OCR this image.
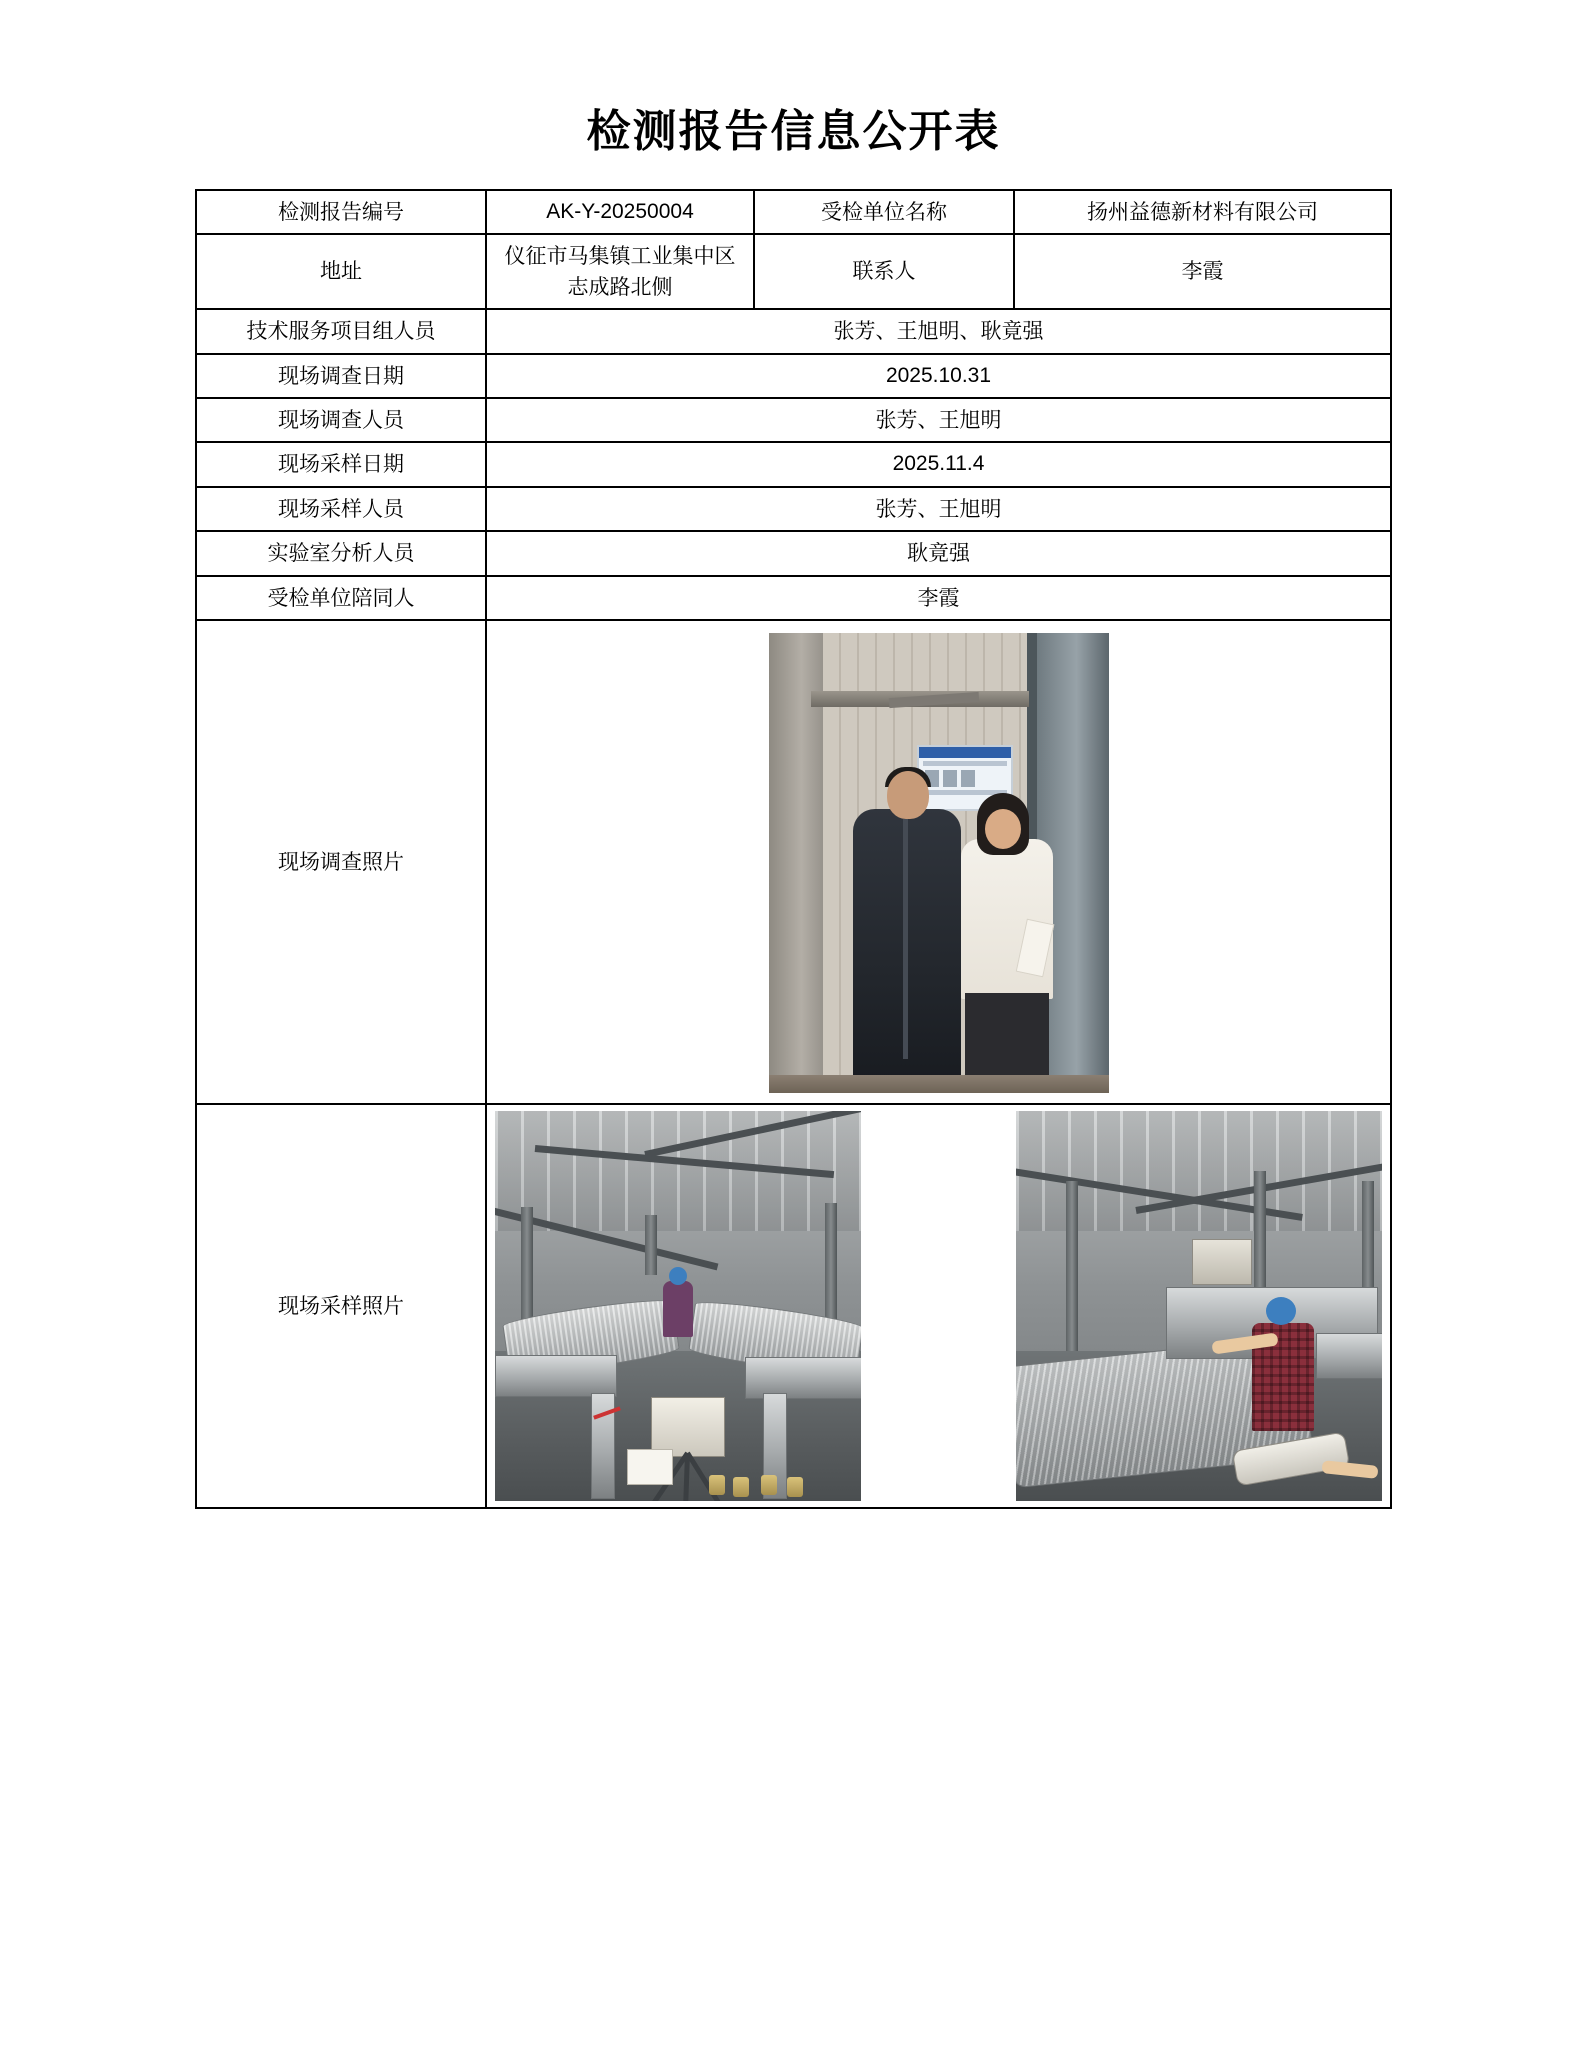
检测报告信息公开表
检测报告编号	AK-Y-20250004	受检单位名称	扬州益德新材料有限公司
地址	仪征市马集镇工业集中区志成路北侧	联系人	李霞
技术服务项目组人员	张芳、王旭明、耿竟强		
现场调查日期	2025.10.31		
现场调查人员	张芳、王旭明		
现场采样日期	2025.11.4		
现场采样人员	张芳、王旭明		
实验室分析人员	耿竟强		
受检单位陪同人	李霞		
现场调查照片			

现场采样照片			
